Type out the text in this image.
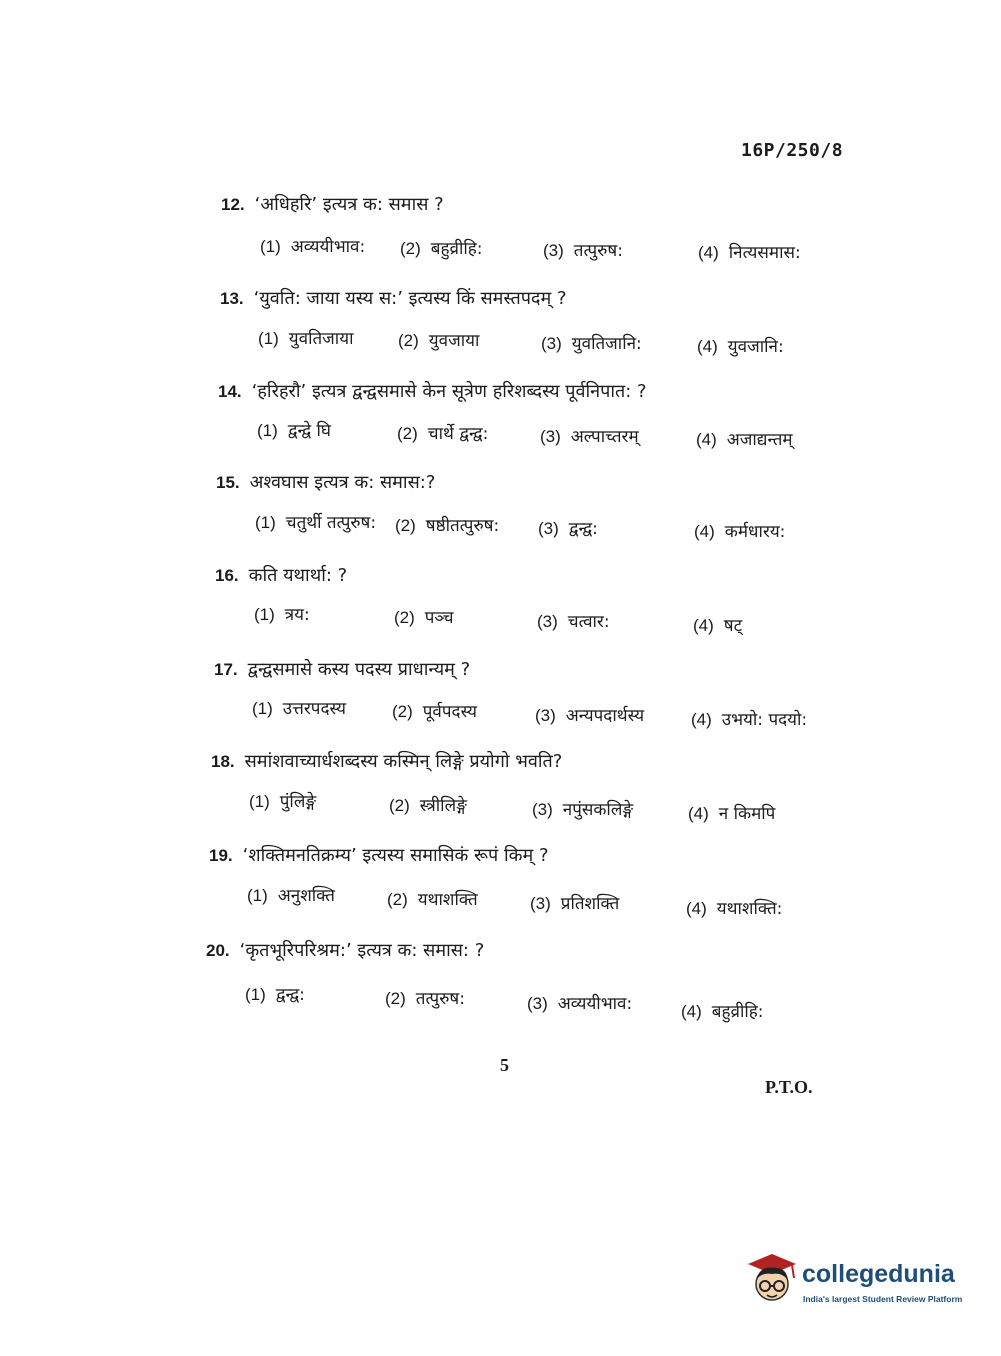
16P/250/8
12. ‘अधिहरि’ इत्यत्र क: समास ?
(1) अव्ययीभाव: (2) बहुव्रीहि:	(3) तत्पुरुष:	(4) नित्यसमास:
13. ‘युवति: जाया यस्य स:’ इत्यस्य किं समस्तपदम् ?
(1) युवतिजाया	(2) युवजाया	(3) युवतिजानि:	(4) युवजानि:
14. ‘हरिहरौ’ इत्यत्र द्वन्द्वसमासे केन सूत्रेण हरिशब्दस्य पूर्वनिपात: ?
(1) द्वन्द्वे घि	(2) चार्थे द्वन्द्व:	(3) अल्पाच्तरम्	(4) अजाद्यन्तम्
15. अश्वघास इत्यत्र क: समास:?
(1) चतुर्थी तत्पुरुष: (2) षष्ठीतत्पुरुष: (3) द्वन्द्व:	(4) कर्मधारय:
16. कति यथार्था: ?
(1) त्रय:	(2) पञ्च	(3) चत्वार:	(4) षट्
17. द्वन्द्वसमासे कस्य पदस्य प्राधान्यम् ?
(1) उत्तरपदस्य	(2) पूर्वपदस्य	(3) अन्यपदार्थस्य	(4) उभयो: पदयो:
18. समांशवाच्यार्धशब्दस्य कस्मिन् लिङ्गे प्रयोगो भवति?
(1) पुंलिङ्गे	(2) स्त्रीलिङ्गे	(3) नपुंसकलिङ्गे	(4) न किमपि
19. ‘शक्तिमनतिक्रम्य’ इत्यस्य समासिकं रूपं किम् ?
(1) अनुशक्ति	(2) यथाशक्ति	(3) प्रतिशक्ति	(4) यथाशक्ति:
20. ‘कृतभूरिपरिश्रम:’ इत्यत्र क: समास: ?
(1) द्वन्द्व:	(2) तत्पुरुष:	(3) अव्ययीभाव:	(4) बहुव्रीहि:
5
P.T.O.
collegedunia
India's largest Student Review Platform
